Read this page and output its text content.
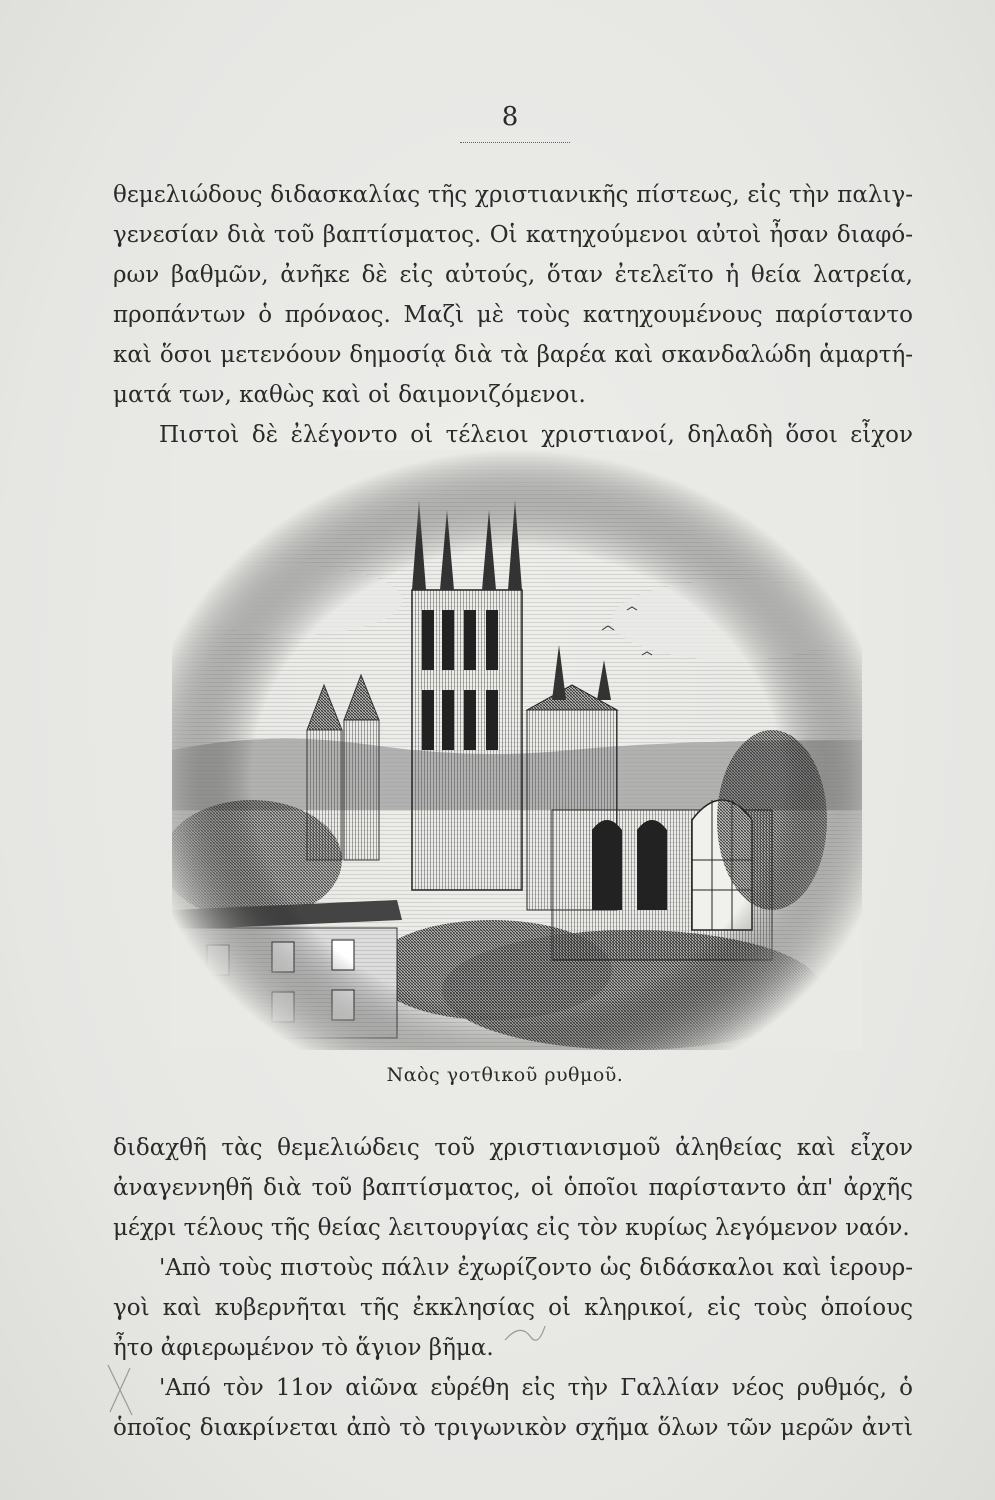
8
θεμελιώδους διδασκαλίας τῆς χριστιανικῆς πίστεως, εἰς τὴν παλιγ-
γενεσίαν διὰ τοῦ βαπτίσματος. Οἱ κατηχούμενοι αὐτοὶ ἦσαν διαφό-
ρων βαθμῶν, ἀνῆκε δὲ εἰς αὐτούς, ὅταν ἐτελεῖτο ἡ θεία λατρεία,
προπάντων ὁ πρόναος. Μαζὶ μὲ τοὺς κατηχουμένους παρίσταντο
καὶ ὅσοι μετενόουν δημοσίᾳ διὰ τὰ βαρέα καὶ σκανδαλώδη ἁμαρτή-
ματά των, καθὼς καὶ οἱ δαιμονιζόμενοι.
Πιστοὶ δὲ ἐλέγοντο οἱ τέλειοι χριστιανοί, δηλαδὴ ὅσοι εἶχον
Ναὸς γοτθικοῦ ρυθμοῦ.
διδαχθῆ τὰς θεμελιώδεις τοῦ χριστιανισμοῦ ἀληθείας καὶ εἶχον
ἀναγεννηθῆ διὰ τοῦ βαπτίσματος, οἱ ὁποῖοι παρίσταντο ἀπ' ἀρχῆς
μέχρι τέλους τῆς θείας λειτουργίας εἰς τὸν κυρίως λεγόμενον ναόν.
'Απὸ τοὺς πιστοὺς πάλιν ἐχωρίζοντο ὡς διδάσκαλοι καὶ ἱερουρ-
γοὶ καὶ κυβερνῆται τῆς ἐκκλησίας οἱ κληρικοί, εἰς τοὺς ὁποίους
ἦτο ἀφιερωμένον τὸ ἅγιον βῆμα.
'Από τὸν 11ον αἰῶνα εὑρέθη εἰς τὴν Γαλλίαν νέος ρυθμός, ὁ
ὁποῖος διακρίνεται ἀπὸ τὸ τριγωνικὸν σχῆμα ὅλων τῶν μερῶν ἀντὶ
